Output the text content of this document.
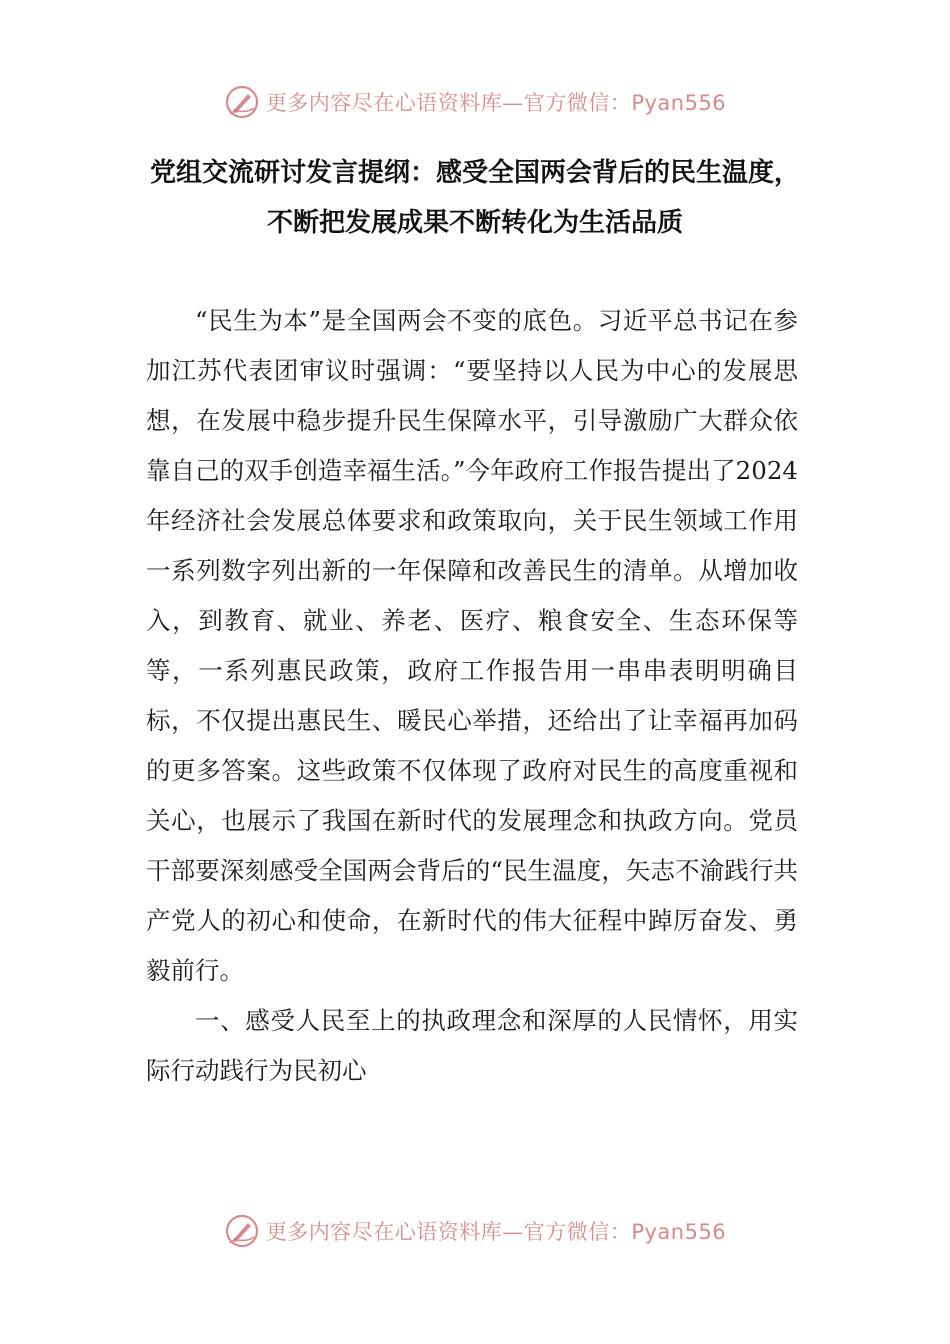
更多内容尽在心语资料库—官方微信：Pyan556
党组交流研讨发言提纲：感受全国两会背后的民生温度，
不断把发展成果不断转化为生活品质

“民生为本”是全国两会不变的底色。习近平总书记在参加江苏代表团审议时强调：“要坚持以人民为中心的发展思想，在发展中稳步提升民生保障水平，引导激励广大群众依靠自己的双手创造幸福生活。”今年政府工作报告提出了2024年经济社会发展总体要求和政策取向，关于民生领域工作用一系列数字列出新的一年保障和改善民生的清单。从增加收入，到教育、就业、养老、医疗、粮食安全、生态环保等等，一系列惠民政策，政府工作报告用一串串表明明确目标，不仅提出惠民生、暖民心举措，还给出了让幸福再加码的更多答案。这些政策不仅体现了政府对民生的高度重视和关心，也展示了我国在新时代的发展理念和执政方向。党员干部要深刻感受全国两会背后的“民生温度，矢志不渝践行共产党人的初心和使命，在新时代的伟大征程中踔厉奋发、勇毅前行。

一、感受人民至上的执政理念和深厚的人民情怀，用实际行动践行为民初心

更多内容尽在心语资料库—官方微信：Pyan556
